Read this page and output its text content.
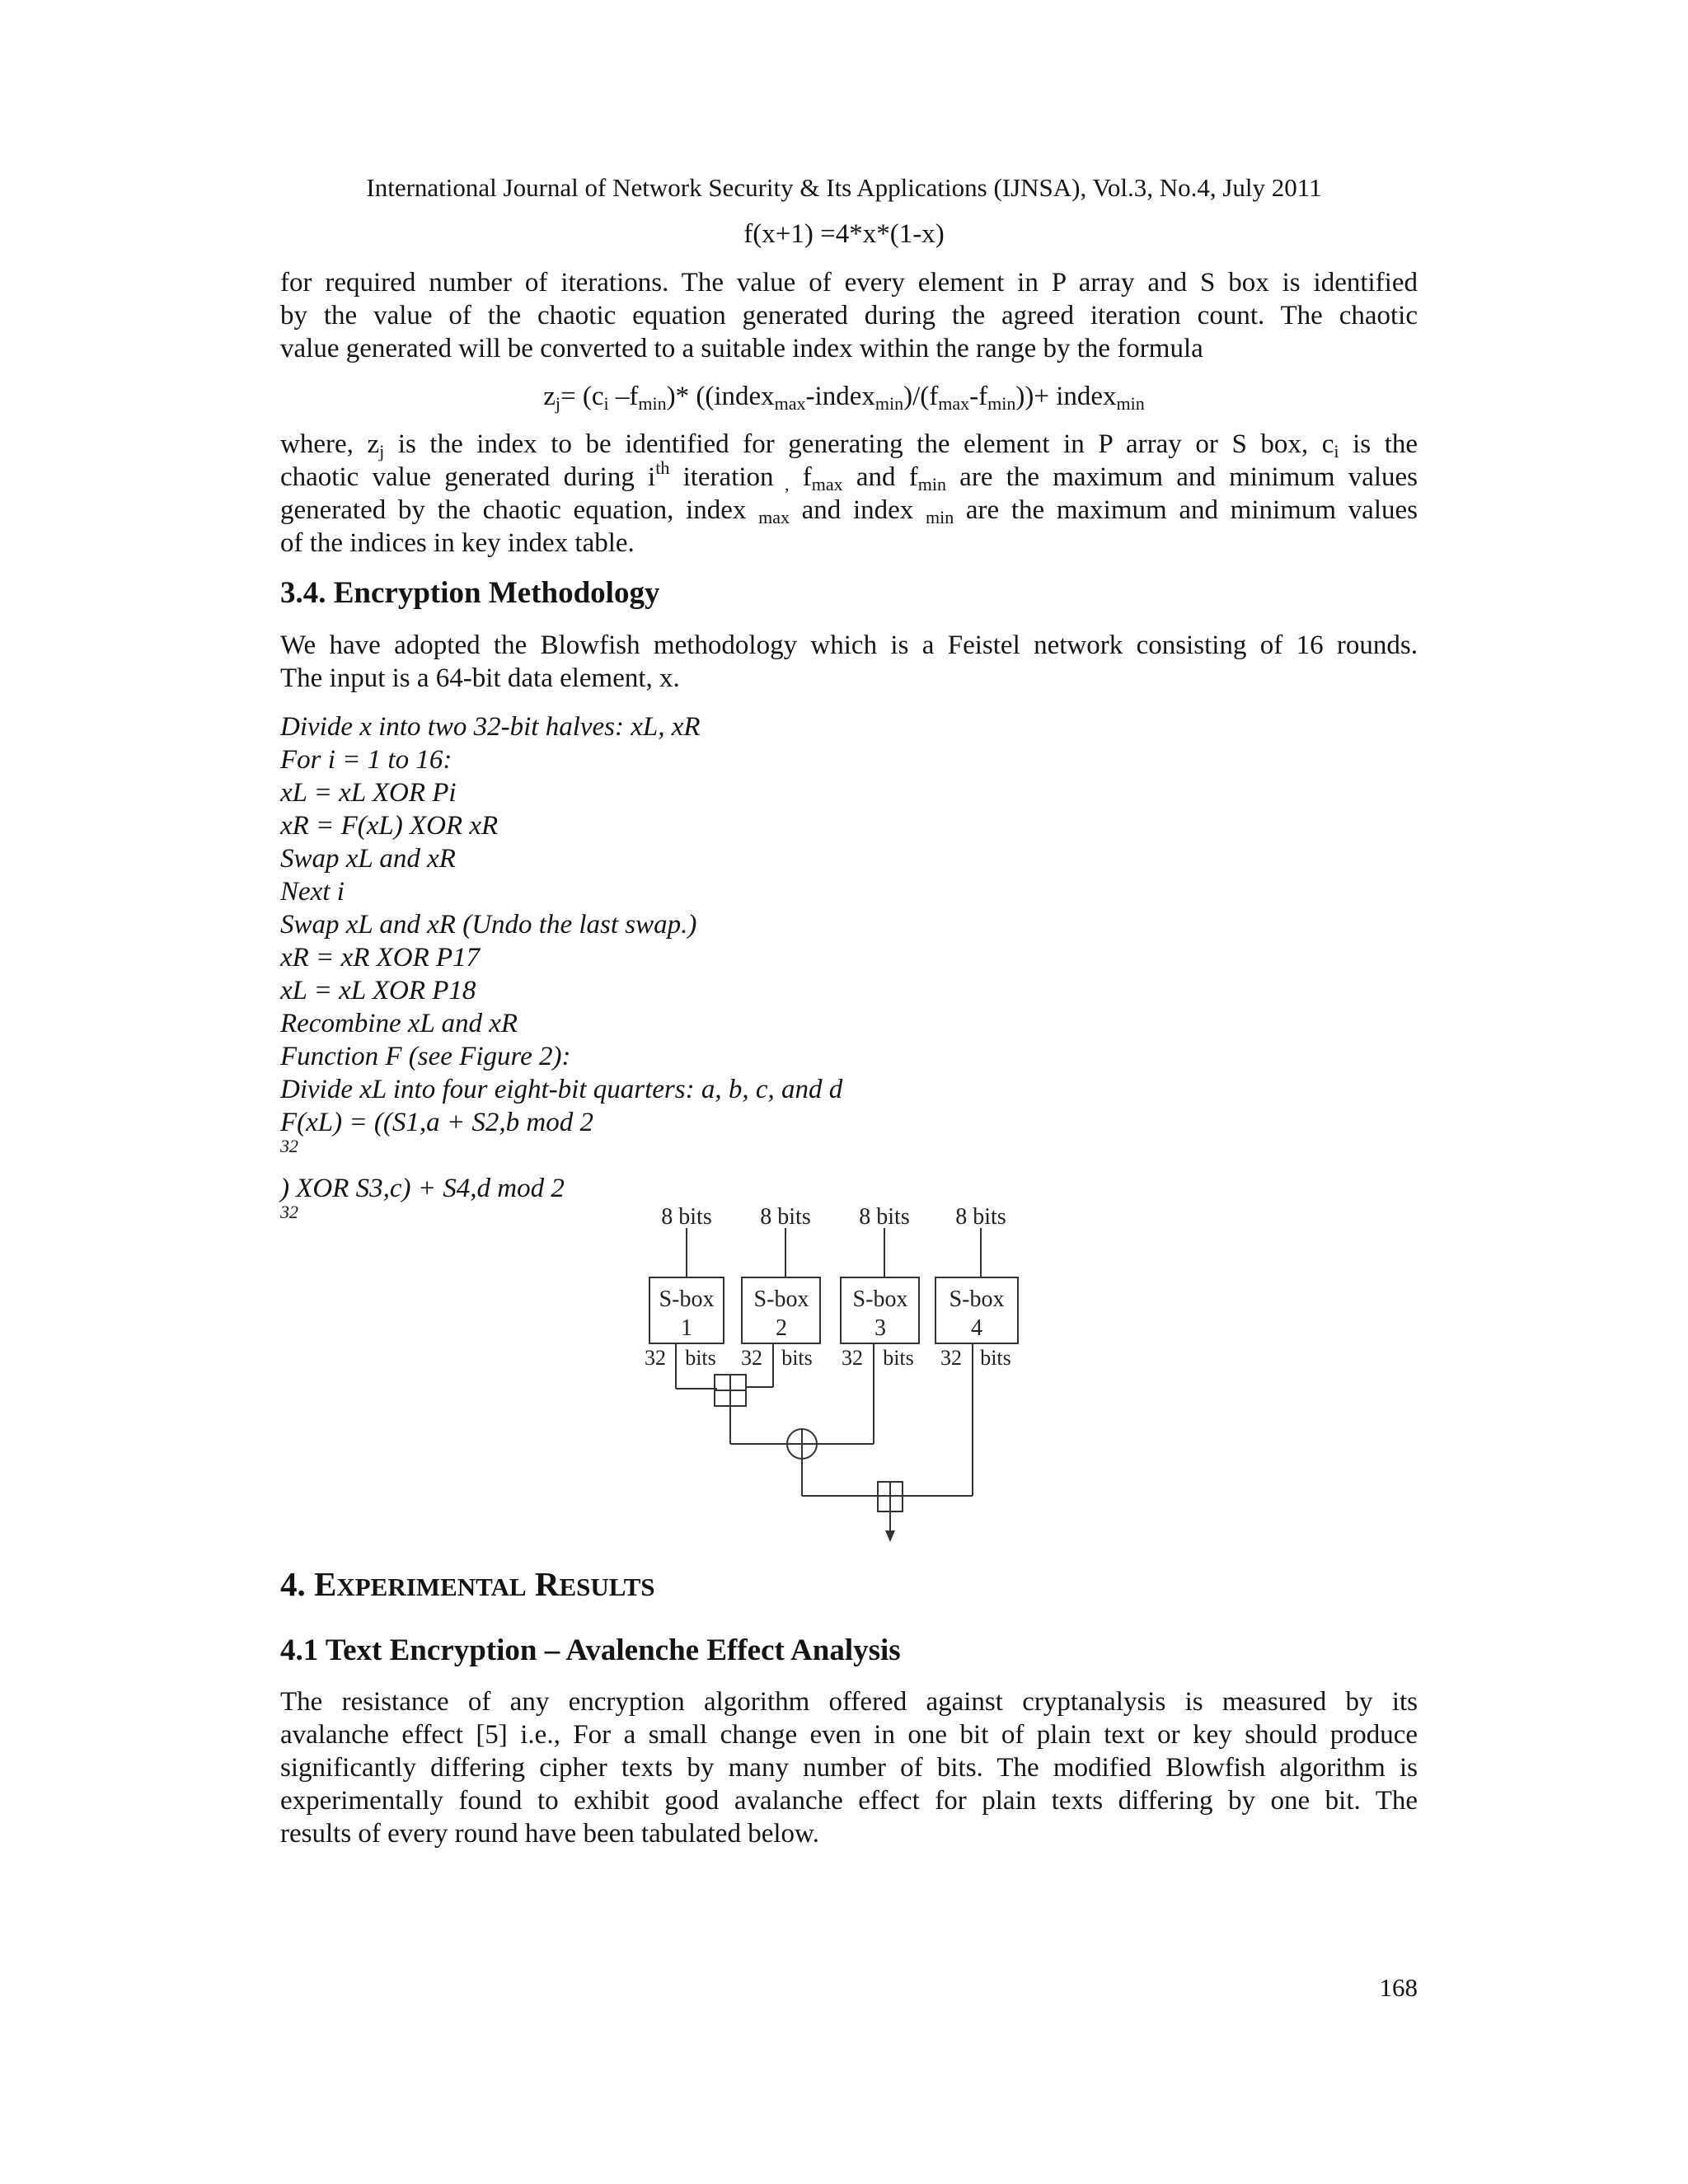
International Journal of Network Security & Its Applications (IJNSA), Vol.3, No.4, July 2011
f(x+1) =4*x*(1-x)
for required number of iterations. The value of every element in P array and S box is identified
by the value of the chaotic equation generated during the agreed iteration count. The chaotic
value generated will be converted to a suitable index within the range by the formula
$z_j= (c_i$ $-f_{min})*$ $((index_{max}-index_{min})/(f_{max}-f_{min}))+$ index$_{min}$
where, $z_j$ is the index to be identified for generating the element in P array or S box, $c_i$ is the
chaotic value generated during $i^{th}$ iteration $_,$ $f_{max}$ and $f_{min}$ are the maximum and minimum values
generated by the chaotic equation, index $_{max}$ and index $_{min}$ are the maximum and minimum values
of the indices in key index table.
3.4. Encryption Methodology
We have adopted the Blowfish methodology which is a Feistel network consisting of 16 rounds.
The input is a 64-bit data element, x.
Divide x into two 32-bit halves: xL, xR
For i = 1 to 16:
xL = xL XOR Pi
xR = F(xL) XOR xR
Swap xL and xR
Next i
Swap xL and xR (Undo the last swap.)
xR = xR XOR P17
xL = xL XOR P18
Recombine xL and xR
Function F (see Figure 2):
Divide xL into four eight-bit quarters: a, b, c, and d
F(xL) = ((S1,a + S2,b mod 2
$^{32}$
) XOR S3,c) + S4,d mod 2
$^{32}$	8 bits 8 bits 8 bits 8 bits
S-box S-box S-box S-box
1	2	3	4
32 bits 32 bits 32 bits 32 bits
4. EXPERIMENTAL RESULTS
4.1 Text Encryption – Avalenche Effect Analysis
The resistance of any encryption algorithm offered against cryptanalysis is measured by its
avalanche effect [5] i.e., For a small change even in one bit of plain text or key should produce
significantly differing cipher texts by many number of bits. The modified Blowfish algorithm is
experimentally found to exhibit good avalanche effect for plain texts differing by one bit. The
results of every round have been tabulated below.
168
